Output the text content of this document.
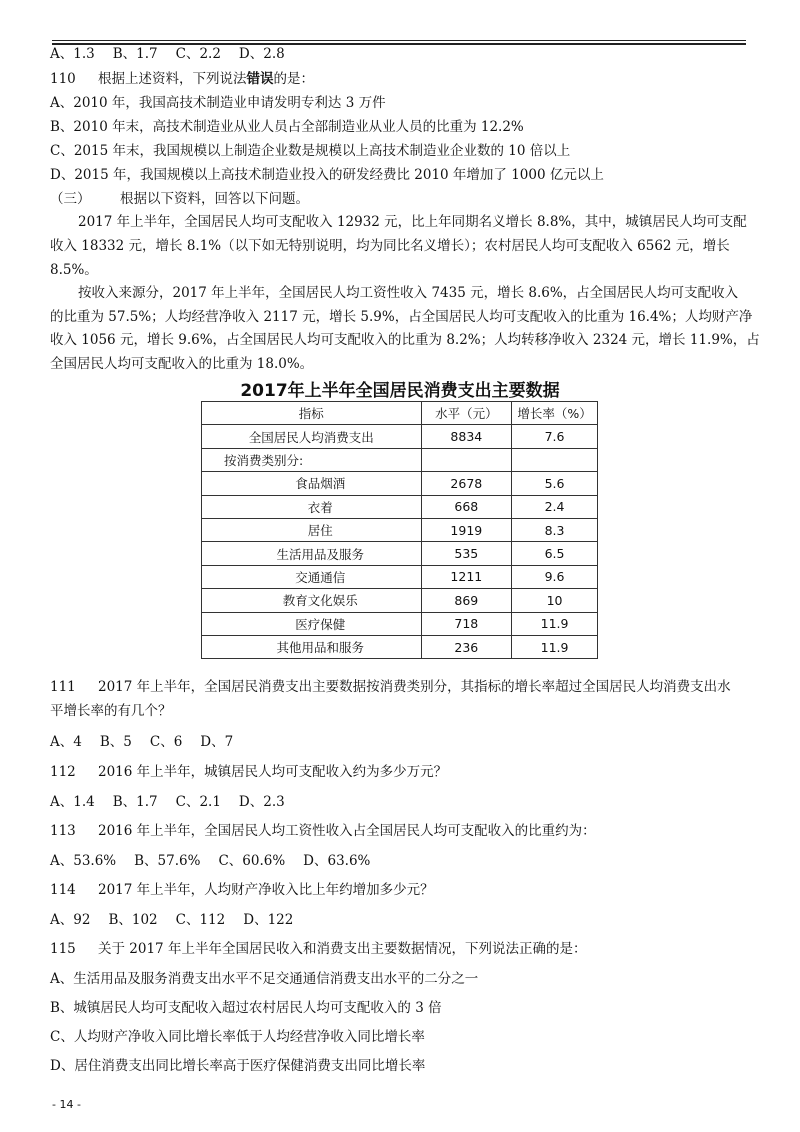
A、1.3 B、1.7 C、2.2 D、2.8
110 根据上述资料，下列说法错误的是：
A、2010 年，我国高技术制造业申请发明专利达 3 万件
B、2010 年末，高技术制造业从业人员占全部制造业从业人员的比重为 12.2%
C、2015 年末，我国规模以上制造企业数是规模以上高技术制造业企业数的 10 倍以上
D、2015 年，我国规模以上高技术制造业投入的研发经费比 2010 年增加了 1000 亿元以上
（三） 根据以下资料，回答以下问题。
2017 年上半年，全国居民人均可支配收入 12932 元，比上年同期名义增长 8.8%，其中，城镇居民人均可支配
收入 18332 元，增长 8.1%（以下如无特别说明，均为同比名义增长）；农村居民人均可支配收入 6562 元，增长
8.5%。
按收入来源分，2017 年上半年，全国居民人均工资性收入 7435 元，增长 8.6%，占全国居民人均可支配收入
的比重为 57.5%；人均经营净收入 2117 元，增长 5.9%，占全国居民人均可支配收入的比重为 16.4%；人均财产净
收入 1056 元，增长 9.6%，占全国居民人均可支配收入的比重为 8.2%；人均转移净收入 2324 元，增长 11.9%，占
全国居民人均可支配收入的比重为 18.0%。
2017年上半年全国居民消费支出主要数据
指标	水平（元）	增长率（%）
全国居民人均消费支出	8834	7.6
按消费类别分:		
食品烟酒	2678	5.6
衣着	668	2.4
居住	1919	8.3
生活用品及服务	535	6.5
交通通信	1211	9.6
教育文化娱乐	869	10
医疗保健	718	11.9
其他用品和服务	236	11.9
111 2017 年上半年，全国居民消费支出主要数据按消费类别分，其指标的增长率超过全国居民人均消费支出水
平增长率的有几个？
A、4 B、5 C、6 D、7
112 2016 年上半年，城镇居民人均可支配收入约为多少万元？
A、1.4 B、1.7 C、2.1 D、2.3
113 2016 年上半年，全国居民人均工资性收入占全国居民人均可支配收入的比重约为：
A、53.6% B、57.6% C、60.6% D、63.6%
114 2017 年上半年，人均财产净收入比上年约增加多少元？
A、92 B、102 C、112 D、122
115 关于 2017 年上半年全国居民收入和消费支出主要数据情况，下列说法正确的是：
A、生活用品及服务消费支出水平不足交通通信消费支出水平的二分之一
B、城镇居民人均可支配收入超过农村居民人均可支配收入的 3 倍
C、人均财产净收入同比增长率低于人均经营净收入同比增长率
D、居住消费支出同比增长率高于医疗保健消费支出同比增长率
- 14 -
